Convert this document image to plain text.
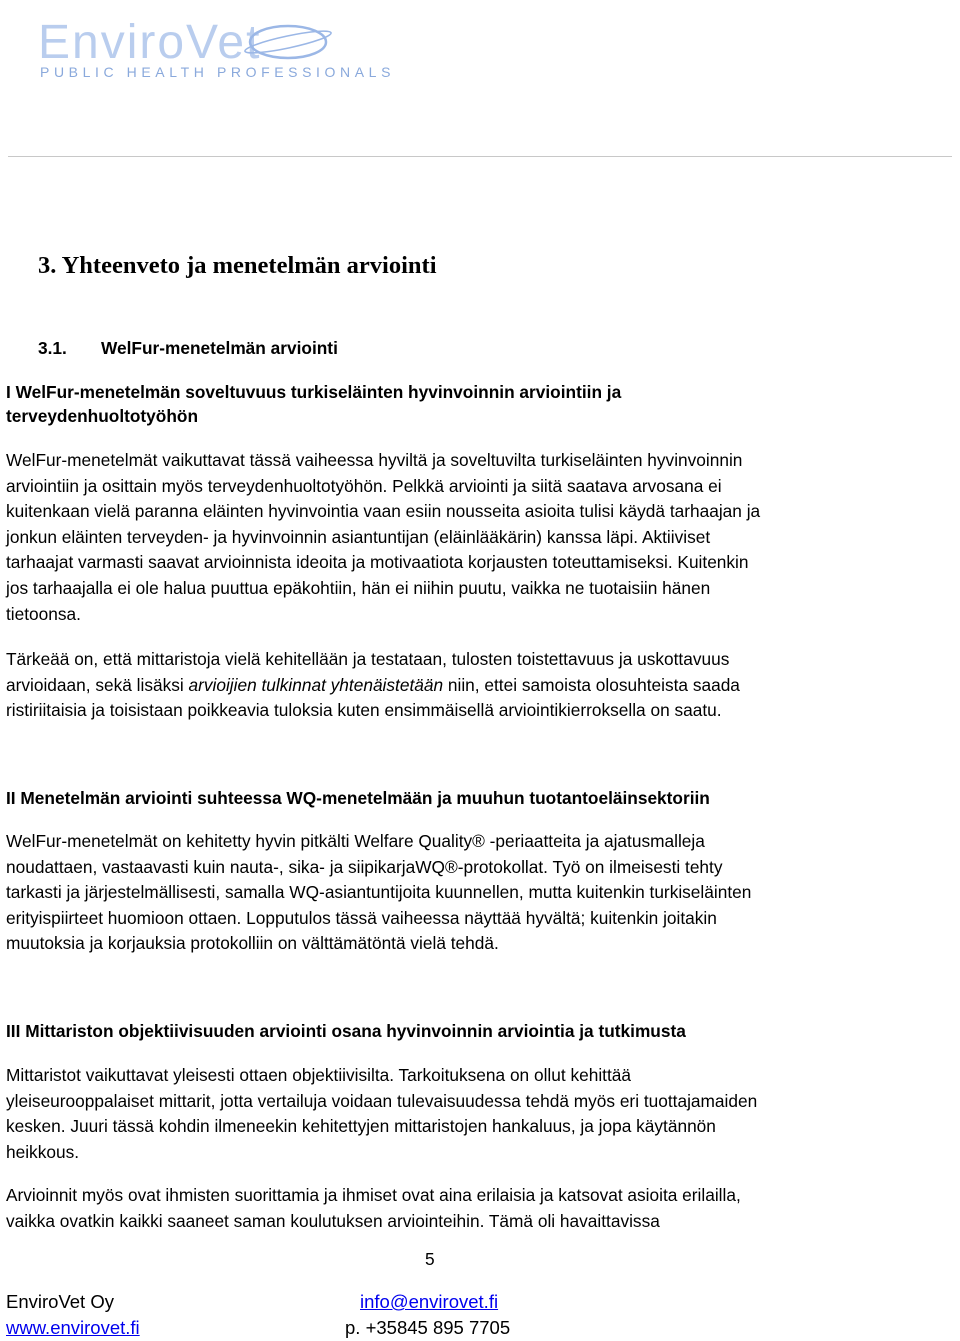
EnviroVet
PUBLIC HEALTH PROFESSIONALS
3. Yhteenveto ja menetelmän arviointi
3.1. WelFur-menetelmän arviointi
I WelFur-menetelmän soveltuvuus turkiseläinten hyvinvoinnin arviointiin ja
terveydenhuoltotyöhön
WelFur-menetelmät vaikuttavat tässä vaiheessa hyviltä ja soveltuvilta turkiseläinten hyvinvoinnin
arviointiin ja osittain myös terveydenhuoltotyöhön. Pelkkä arviointi ja siitä saatava arvosana ei
kuitenkaan vielä paranna eläinten hyvinvointia vaan esiin nousseita asioita tulisi käydä tarhaajan ja
jonkun eläinten terveyden- ja hyvinvoinnin asiantuntijan (eläinlääkärin) kanssa läpi. Aktiiviset
tarhaajat varmasti saavat arvioinnista ideoita ja motivaatiota korjausten toteuttamiseksi. Kuitenkin
jos tarhaajalla ei ole halua puuttua epäkohtiin, hän ei niihin puutu, vaikka ne tuotaisiin hänen
tietoonsa.
Tärkeää on, että mittaristoja vielä kehitellään ja testataan, tulosten toistettavuus ja uskottavuus
arvioidaan, sekä lisäksi arvioijien tulkinnat yhtenäistetään niin, ettei samoista olosuhteista saada
ristiriitaisia ja toisistaan poikkeavia tuloksia kuten ensimmäisellä arviointikierroksella on saatu.
II Menetelmän arviointi suhteessa WQ-menetelmään ja muuhun tuotantoeläinsektoriin
WelFur-menetelmät on kehitetty hyvin pitkälti Welfare Quality® -periaatteita ja ajatusmalleja
noudattaen, vastaavasti kuin nauta-, sika- ja siipikarjaWQ®-protokollat. Työ on ilmeisesti tehty
tarkasti ja järjestelmällisesti, samalla WQ-asiantuntijoita kuunnellen, mutta kuitenkin turkiseläinten
erityispiirteet huomioon ottaen. Lopputulos tässä vaiheessa näyttää hyvältä; kuitenkin joitakin
muutoksia ja korjauksia protokolliin on välttämätöntä vielä tehdä.
III Mittariston objektiivisuuden arviointi osana hyvinvoinnin arviointia ja tutkimusta
Mittaristot vaikuttavat yleisesti ottaen objektiivisilta. Tarkoituksena on ollut kehittää
yleiseurooppalaiset mittarit, jotta vertailuja voidaan tulevaisuudessa tehdä myös eri tuottajamaiden
kesken. Juuri tässä kohdin ilmeneekin kehitettyjen mittaristojen hankaluus, ja jopa käytännön
heikkous.
Arvioinnit myös ovat ihmisten suorittamia ja ihmiset ovat aina erilaisia ja katsovat asioita erilailla,
vaikka ovatkin kaikki saaneet saman koulutuksen arviointeihin. Tämä oli havaittavissa
5
EnviroVet Oy	info@envirovet.fi
www.envirovet.fi	p. +35845 895 7705
